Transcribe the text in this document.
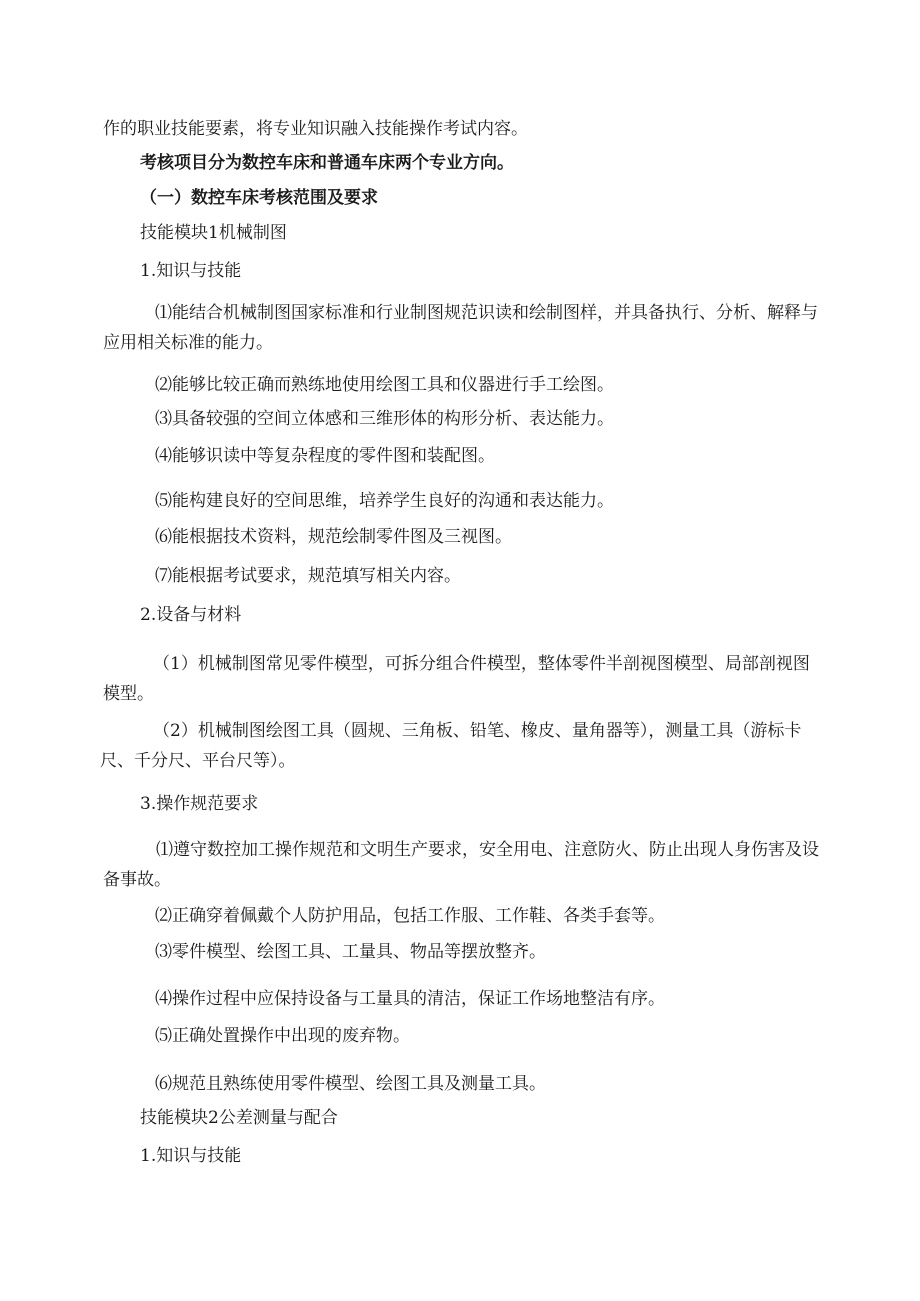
作的职业技能要素，将专业知识融入技能操作考试内容。
考核项目分为数控车床和普通车床两个专业方向。
（一）数控车床考核范围及要求
技能模块1机械制图
1.知识与技能
⑴能结合机械制图国家标准和行业制图规范识读和绘制图样，并具备执行、分析、解释与应用相关标准的能力。
⑵能够比较正确而熟练地使用绘图工具和仪器进行手工绘图。
⑶具备较强的空间立体感和三维形体的构形分析、表达能力。
⑷能够识读中等复杂程度的零件图和装配图。
⑸能构建良好的空间思维，培养学生良好的沟通和表达能力。
⑹能根据技术资料，规范绘制零件图及三视图。
⑺能根据考试要求，规范填写相关内容。
2.设备与材料
（1）机械制图常见零件模型，可拆分组合件模型，整体零件半剖视图模型、局部剖视图模型。
（2）机械制图绘图工具（圆规、三角板、铅笔、橡皮、量角器等），测量工具（游标卡尺、千分尺、平台尺等）。
3.操作规范要求
⑴遵守数控加工操作规范和文明生产要求，安全用电、注意防火、防止出现人身伤害及设备事故。
⑵正确穿着佩戴个人防护用品，包括工作服、工作鞋、各类手套等。
⑶零件模型、绘图工具、工量具、物品等摆放整齐。
⑷操作过程中应保持设备与工量具的清洁，保证工作场地整洁有序。
⑸正确处置操作中出现的废弃物。
⑹规范且熟练使用零件模型、绘图工具及测量工具。
技能模块2公差测量与配合
1.知识与技能
